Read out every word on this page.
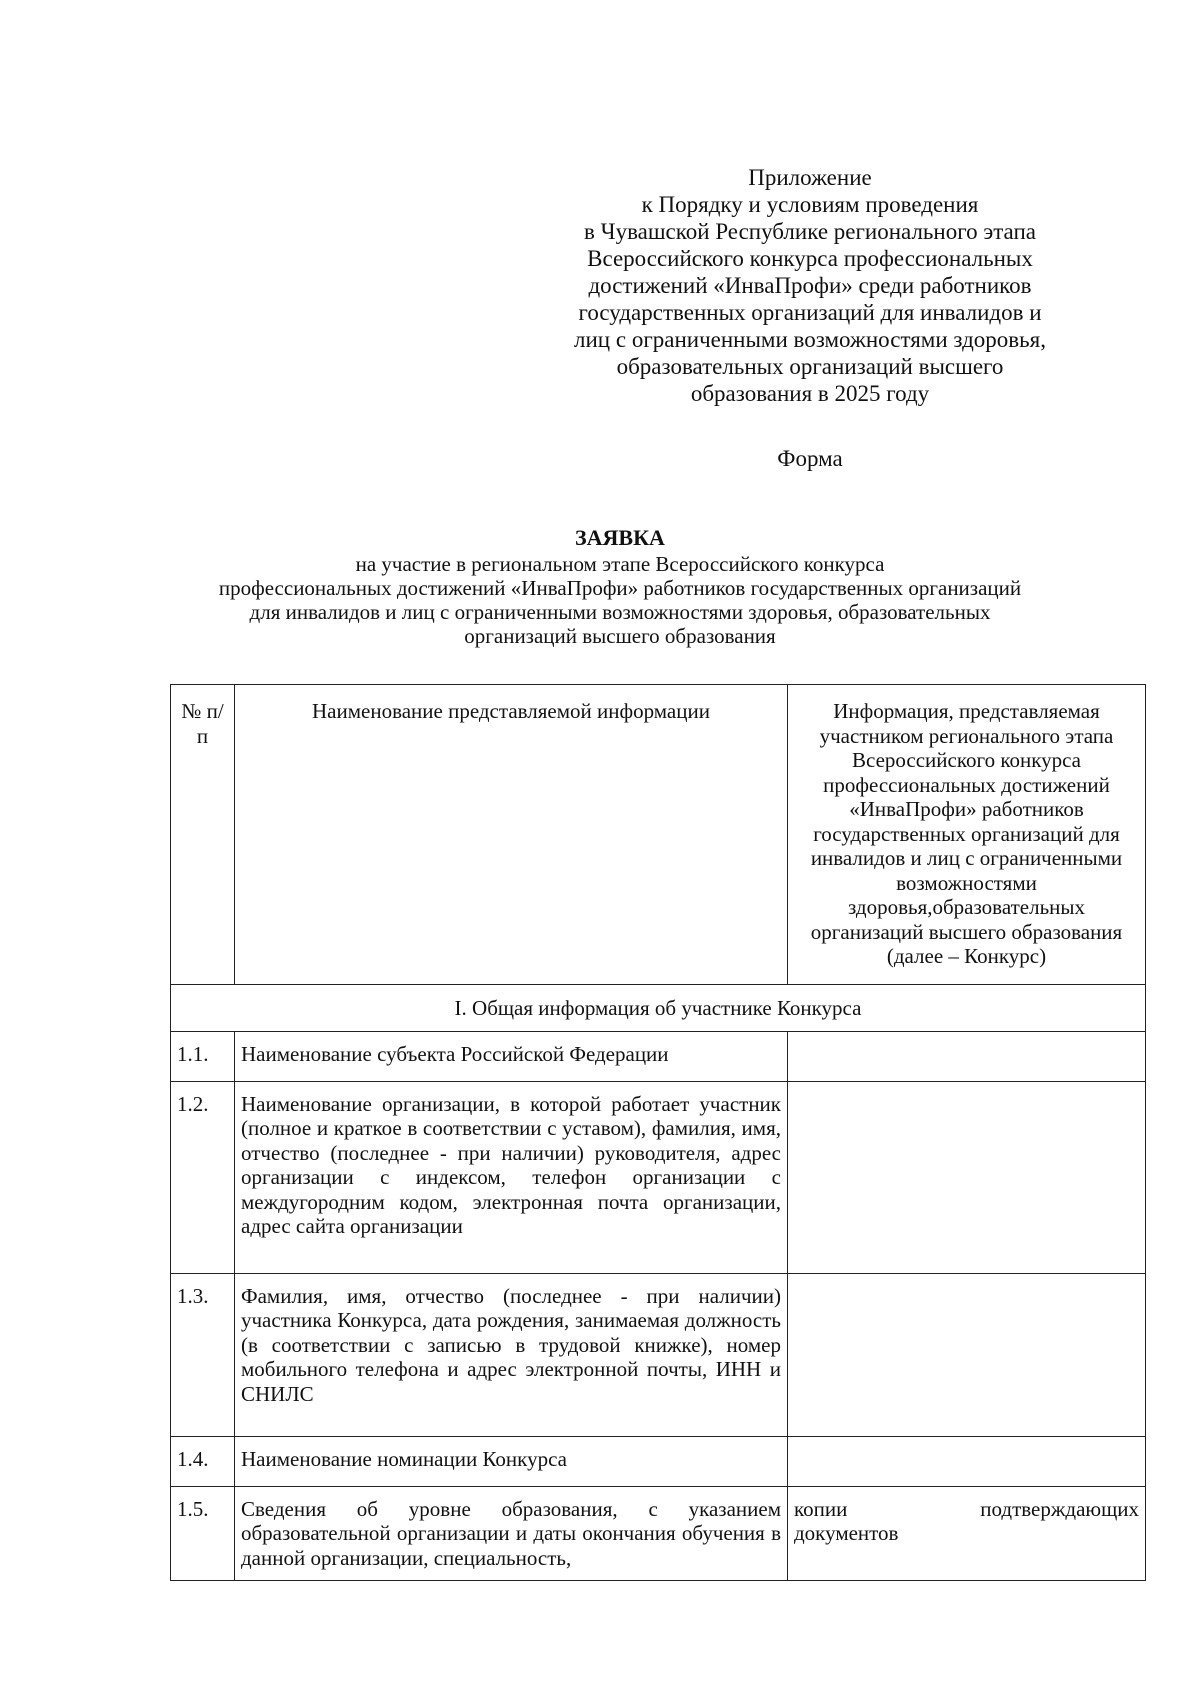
Приложение
к Порядку и условиям проведения
в Чувашской Республике регионального этапа
Всероссийского конкурса профессиональных
достижений «ИнваПрофи» среди работников
государственных организаций для инвалидов и
лиц с ограниченными возможностями здоровья,
образовательных организаций высшего
образования в 2025 году
Форма
ЗАЯВКА
на участие в региональном этапе Всероссийского конкурса
профессиональных достижений «ИнваПрофи» работников государственных организаций
для инвалидов и лиц с ограниченными возможностями здоровья, образовательных
организаций высшего образования
№ п/п	Наименование представляемой информации	Информация, представляемая участником регионального этапа Всероссийского конкурса профессиональных достижений «ИнваПрофи» работников государственных организаций для инвалидов и лиц с ограниченными возможностями здоровья,образовательных организаций высшего образования (далее – Конкурс)
I. Общая информация об участнике Конкурса		
1.1.	Наименование субъекта Российской Федерации	
1.2.	Наименование организации, в которой работает участник (полное и краткое в соответствии с уставом), фамилия, имя, отчество (последнее - при наличии) руководителя, адрес организации с индексом, телефон организации с междугородним кодом, электронная почта организации, адрес сайта организации	
1.3.	Фамилия, имя, отчество (последнее - при наличии) участника Конкурса, дата рождения, занимаемая должность (в соответствии с записью в трудовой книжке), номер мобильного телефона и адрес электронной почты, ИНН и СНИЛС	
1.4.	Наименование номинации Конкурса	
1.5.	Сведения об уровне образования, с указанием образовательной организации и даты окончания обучения в данной организации, специальность,	копии подтверждающих
документов
